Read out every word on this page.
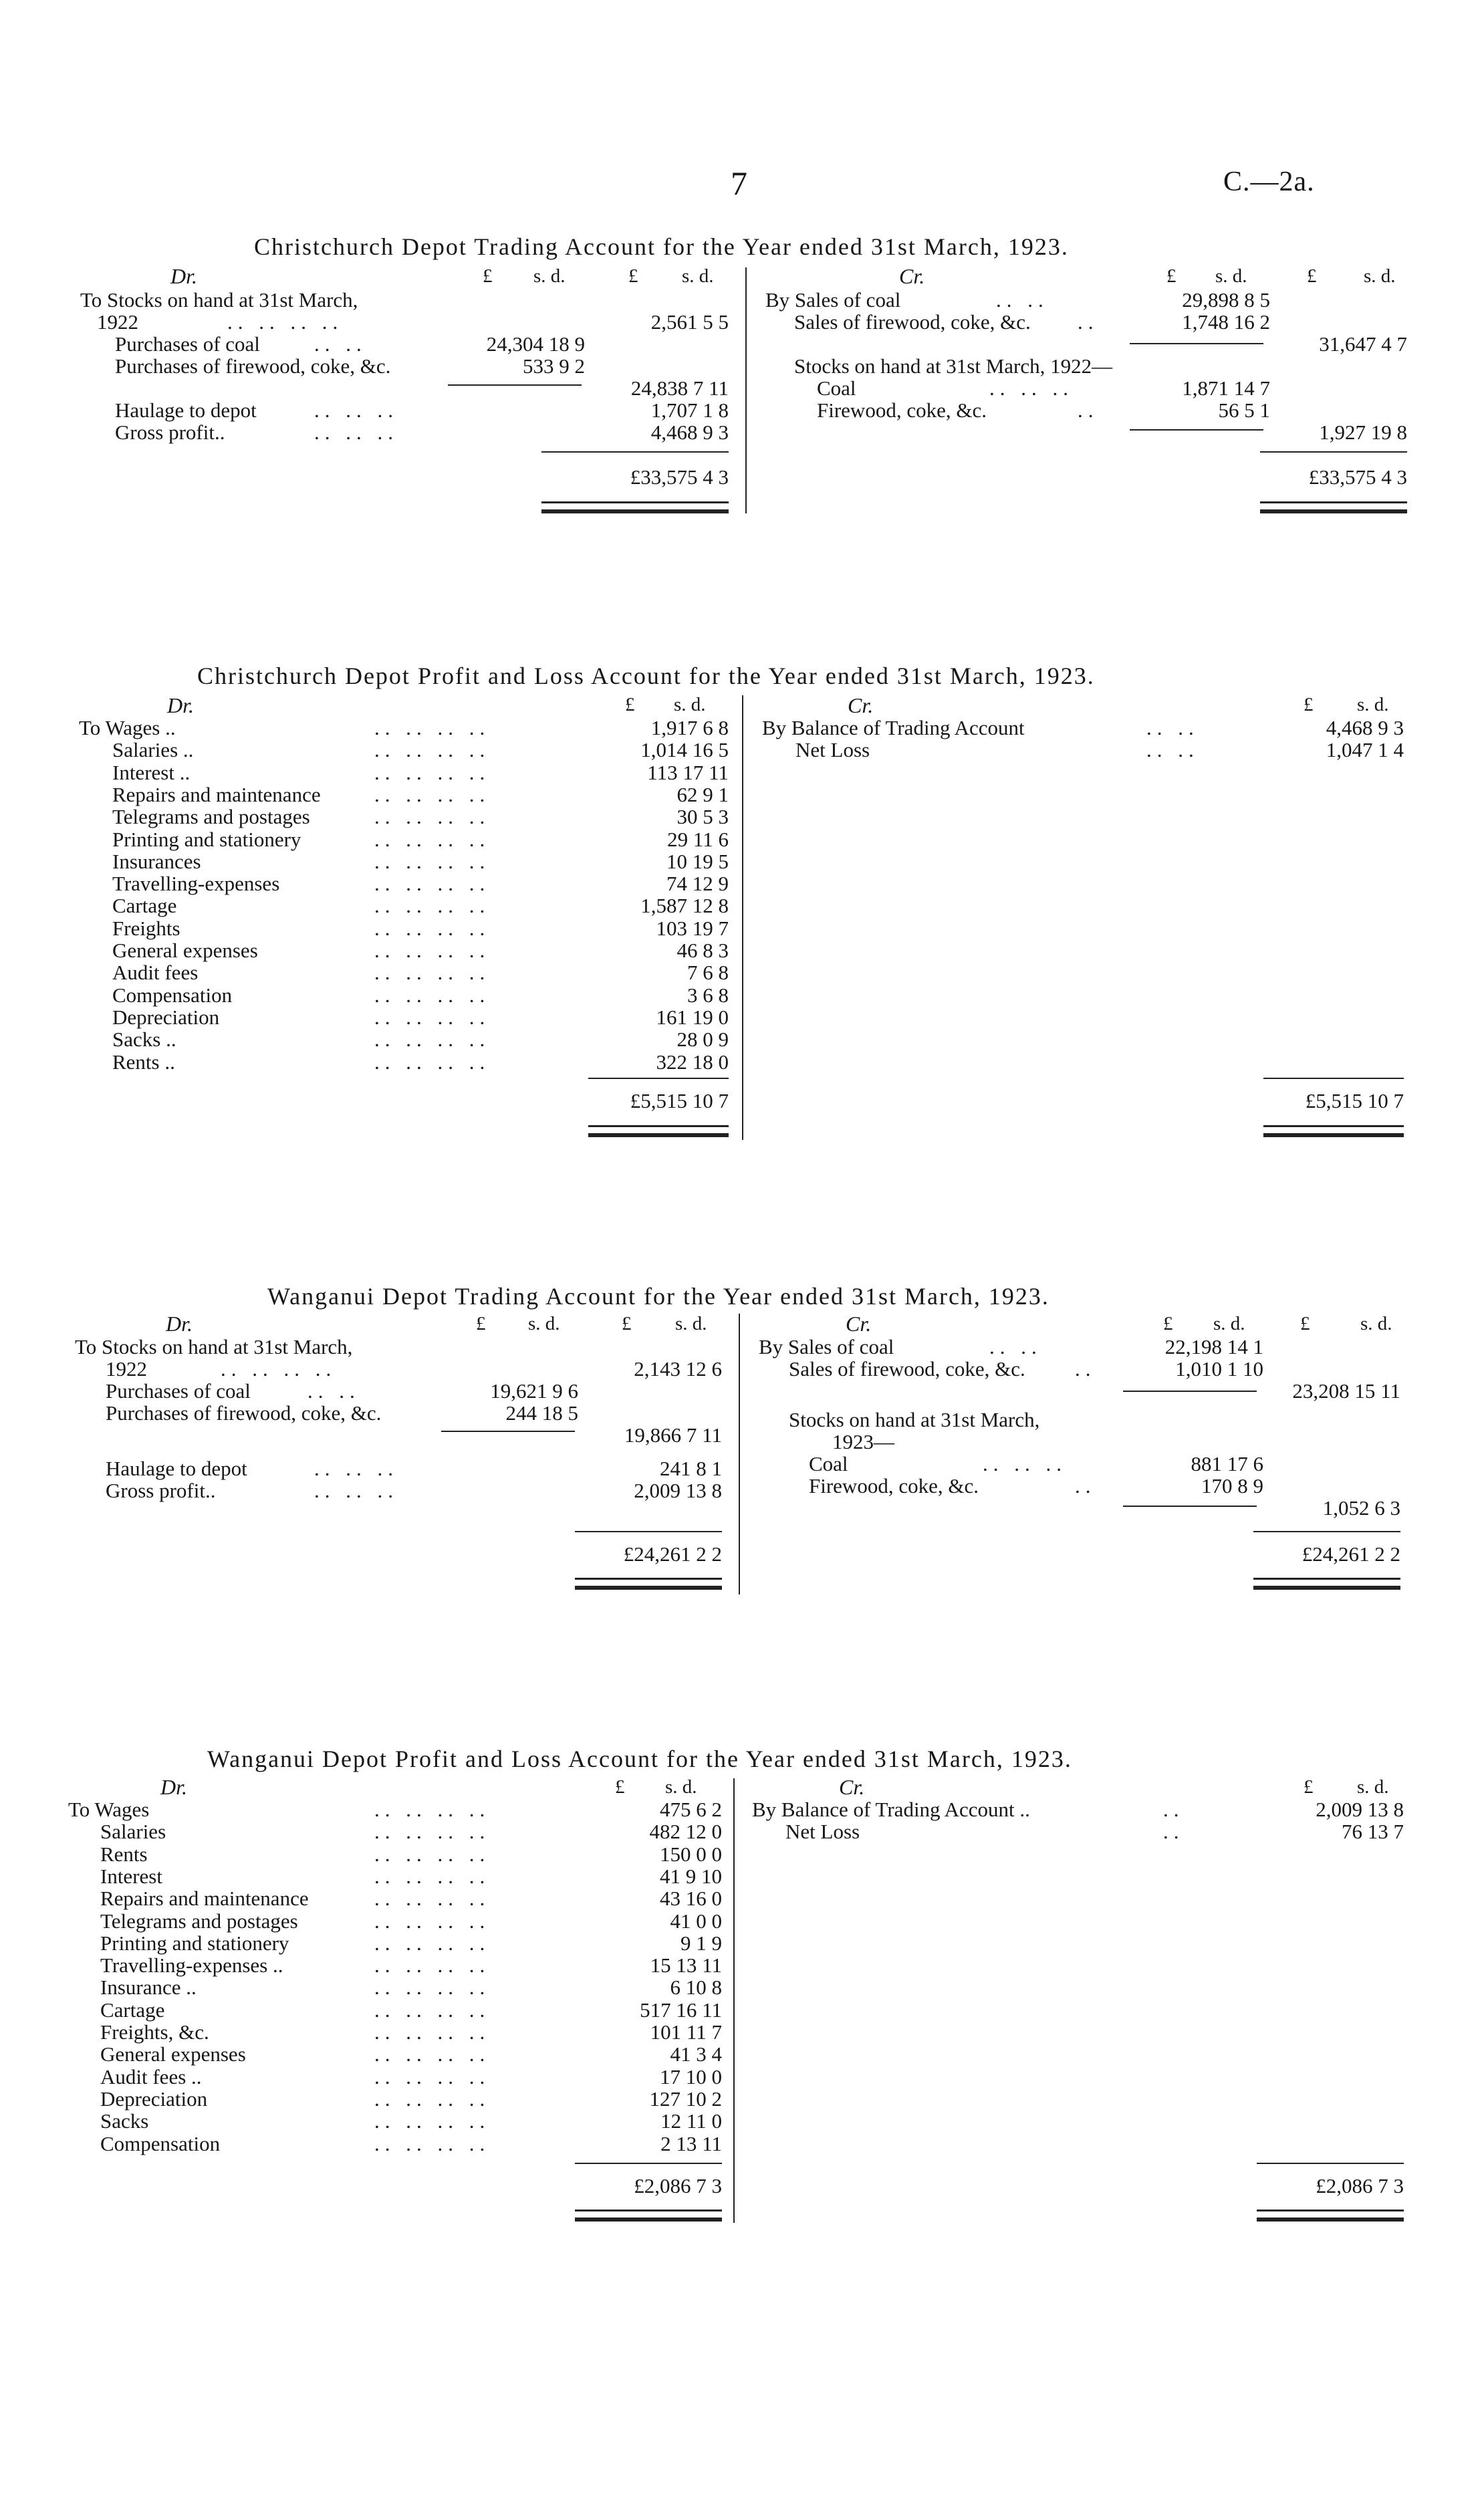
7	C.—2a.
Christchurch Depot Trading Account for the Year ended 31st March, 1923.
Dr.	£ s. d.	£ s. d.
To Stocks on hand at 31st March,
1922	.. .. .. ..	2,561 5 5
Purchases of coal	.. ..	24,304 18 9
Purchases of firewood, coke, &c.	533 9 2
24,838 7 11
Haulage to depot	.. .. ..	1,707 1 8
Gross profit..	.. .. ..	4,468 9 3
£33,575 4 3
Cr.	£ s. d.	£ s. d.
By Sales of coal	.. ..	29,898 8 5
Sales of firewood, coke, &c. ..	1,748 16 2
31,647 4 7
Stocks on hand at 31st March, 1922—
Coal	.. .. ..	1,871 14 7
Firewood, coke, &c.	..	56 5 1
1,927 19 8
£33,575 4 3
Christchurch Depot Profit and Loss Account for the Year ended 31st March, 1923.
Dr.	£ s. d.	Cr.	£ s. d.
To Wages ..	.. .. .. ..	1,917 6 8
Salaries ..	.. .. .. ..	1,014 16 5
Interest ..	.. .. .. ..	113 17 11
Repairs and maintenance	.. .. .. ..	62 9 1
Telegrams and postages	.. .. .. ..	30 5 3
Printing and stationery	.. .. .. ..	29 11 6
Insurances	.. .. .. ..	10 19 5
Travelling-expenses	.. .. .. ..	74 12 9
Cartage	.. .. .. ..	1,587 12 8
Freights	.. .. .. ..	103 19 7
General expenses	.. .. .. ..	46 8 3
Audit fees	.. .. .. ..	7 6 8
Compensation	.. .. .. ..	3 6 8
Depreciation	.. .. .. ..	161 19 0
Sacks ..	.. .. .. ..	28 0 9
Rents ..	.. .. .. ..	322 18 0
£5,515 10 7
By Balance of Trading Account	.. ..	4,468 9 3
Net Loss	.. ..	1,047 1 4
£5,515 10 7
Wanganui Depot Trading Account for the Year ended 31st March, 1923.
Dr.	£ s. d.	£ s. d.
To Stocks on hand at 31st March,
1922	.. .. .. ..	2,143 12 6
Purchases of coal	.. ..	19,621 9 6
Purchases of firewood, coke, &c.	244 18 5
19,866 7 11
Haulage to depot	.. .. ..	241 8 1
Gross profit..	.. .. ..	2,009 13 8
£24,261 2 2
Cr.	£ s. d.	£	s. d.
By Sales of coal	.. ..	22,198 14 1
Sales of firewood, coke, &c. ..	1,010 1 10
23,208 15 11
Stocks on hand at 31st March,
1923—
Coal	.. .. ..	881 17 6
Firewood, coke, &c.	..	170 8 9
1,052 6 3
£24,261 2 2
Wanganui Depot Profit and Loss Account for the Year ended 31st March, 1923.
Dr.	£ s. d.	Cr.	£ s. d.
To Wages	.. .. .. ..	475 6 2
Salaries	.. .. .. ..	482 12 0
Rents	.. .. .. ..	150 0 0
Interest	.. .. .. ..	41 9 10
Repairs and maintenance	.. .. .. ..	43 16 0
Telegrams and postages	.. .. .. ..	41 0 0
Printing and stationery	.. .. .. ..	9 1 9
Travelling-expenses ..	.. .. .. ..	15 13 11
Insurance ..	.. .. .. ..	6 10 8
Cartage	.. .. .. ..	517 16 11
Freights, &c.	.. .. .. ..	101 11 7
General expenses	.. .. .. ..	41 3 4
Audit fees ..	.. .. .. ..	17 10 0
Depreciation	.. .. .. ..	127 10 2
Sacks	.. .. .. ..	12 11 0
Compensation	.. .. .. ..	2 13 11
£2,086 7 3
By Balance of Trading Account ..	..	2,009 13 8
Net Loss	..	76 13 7
£2,086 7 3
